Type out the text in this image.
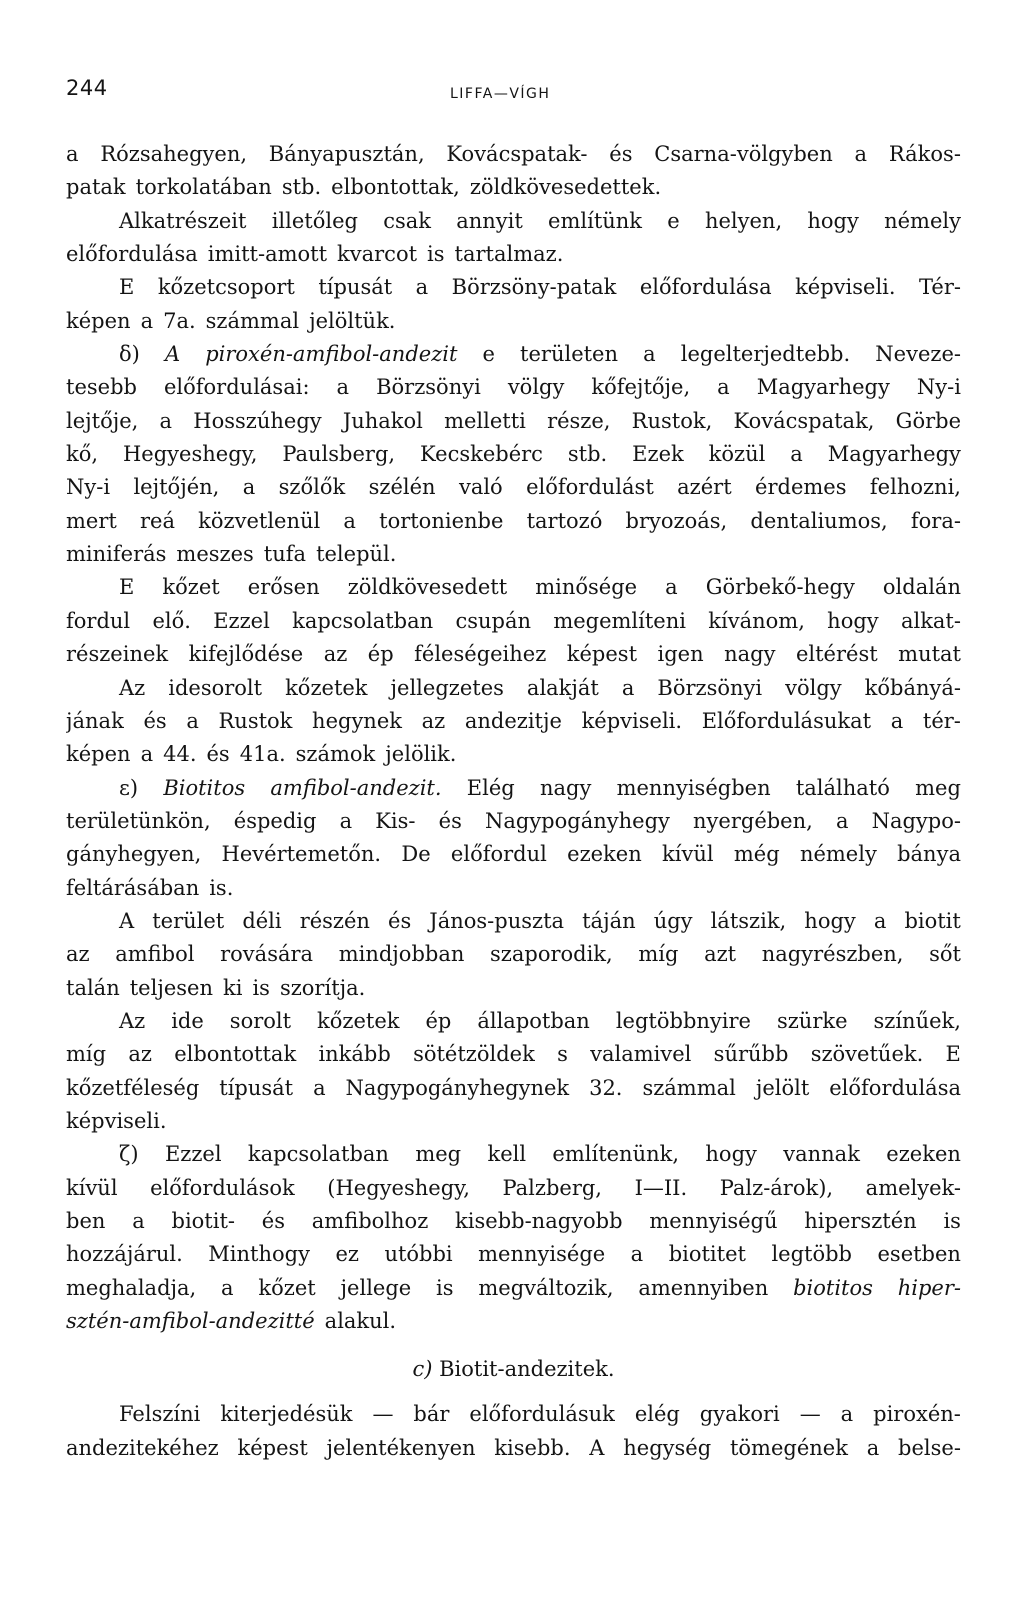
244	LIFFA—VÍGH
a Rózsahegyen, Bányapusztán, Kovácspatak- és Csarna-völgyben a Rákos-
patak torkolatában stb. elbontottak, zöldkövesedettek.
Alkatrészeit illetőleg csak annyit említünk e helyen, hogy némely
előfordulása imitt-amott kvarcot is tartalmaz.
E kőzetcsoport típusát a Börzsöny-patak előfordulása képviseli. Tér-
képen a 7a. számmal jelöltük.
δ) A piroxén-amfibol-andezit e területen a legelterjedtebb. Neveze-
tesebb előfordulásai: a Börzsönyi völgy kőfejtője, a Magyarhegy Ny-i
lejtője, a Hosszúhegy Juhakol melletti része, Rustok, Kovácspatak, Görbe
kő, Hegyeshegy, Paulsberg, Kecskebérc stb. Ezek közül a Magyarhegy
Ny-i lejtőjén, a szőlők szélén való előfordulást azért érdemes felhozni,
mert reá közvetlenül a tortonienbe tartozó bryozoás, dentaliumos, fora-
miniferás meszes tufa települ.
E kőzet erősen zöldkövesedett minősége a Görbekő-hegy oldalán
fordul elő. Ezzel kapcsolatban csupán megemlíteni kívánom, hogy alkat-
részeinek kifejlődése az ép féleségeihez képest igen nagy eltérést mutat
Az idesorolt kőzetek jellegzetes alakját a Börzsönyi völgy kőbányá-
jának és a Rustok hegynek az andezitje képviseli. Előfordulásukat a tér-
képen a 44. és 41a. számok jelölik.
ε) Biotitos amfibol-andezit. Elég nagy mennyiségben található meg
területünkön, éspedig a Kis- és Nagypogányhegy nyergében, a Nagypo-
gányhegyen, Hevértemetőn. De előfordul ezeken kívül még némely bánya
feltárásában is.
A terület déli részén és János-puszta táján úgy látszik, hogy a biotit
az amfibol rovására mindjobban szaporodik, míg azt nagyrészben, sőt
talán teljesen ki is szorítja.
Az ide sorolt kőzetek ép állapotban legtöbbnyire szürke színűek,
míg az elbontottak inkább sötétzöldek s valamivel sűrűbb szövetűek. E
kőzetféleség típusát a Nagypogányhegynek 32. számmal jelölt előfordulása
képviseli.
ζ) Ezzel kapcsolatban meg kell említenünk, hogy vannak ezeken
kívül előfordulások (Hegyeshegy, Palzberg, I—II. Palz-árok), amelyek-
ben a biotit- és amfibolhoz kisebb-nagyobb mennyiségű hipersztén is
hozzájárul. Minthogy ez utóbbi mennyisége a biotitet legtöbb esetben
meghaladja, a kőzet jellege is megváltozik, amennyiben biotitos hiper-
sztén-amfibol-andezitté alakul.
c)
Biotit-andezitek.
Felszíni kiterjedésük — bár előfordulásuk elég gyakori — a piroxén-
andezitekéhez képest jelentékenyen kisebb. A hegység tömegének a belse-
